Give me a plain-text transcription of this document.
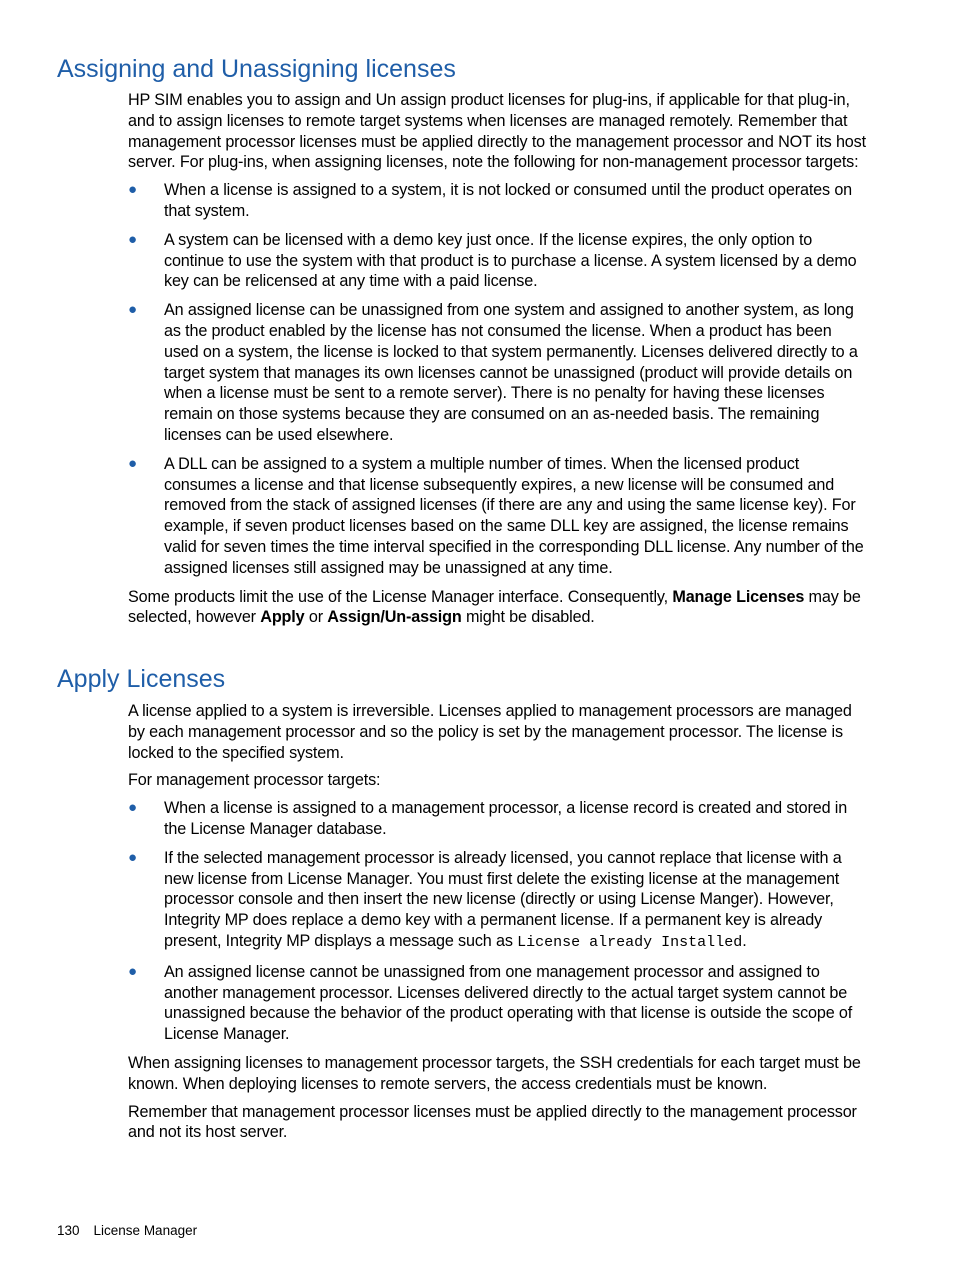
Assigning and Unassigning licenses

HP SIM enables you to assign and Un assign product licenses for plug-ins, if applicable for that plug-in, and to assign licenses to remote target systems when licenses are managed remotely. Remember that management processor licenses must be applied directly to the management processor and NOT its host server. For plug-ins, when assigning licenses, note the following for non-management processor targets:

●	When a license is assigned to a system, it is not locked or consumed until the product operates on that system.
●	A system can be licensed with a demo key just once. If the license expires, the only option to continue to use the system with that product is to purchase a license. A system licensed by a demo key can be relicensed at any time with a paid license.
●	An assigned license can be unassigned from one system and assigned to another system, as long as the product enabled by the license has not consumed the license. When a product has been used on a system, the license is locked to that system permanently. Licenses delivered directly to a target system that manages its own licenses cannot be unassigned (product will provide details on when a license must be sent to a remote server). There is no penalty for having these licenses remain on those systems because they are consumed on an as-needed basis. The remaining licenses can be used elsewhere.
●	A DLL can be assigned to a system a multiple number of times. When the licensed product consumes a license and that license subsequently expires, a new license will be consumed and removed from the stack of assigned licenses (if there are any and using the same license key). For example, if seven product licenses based on the same DLL key are assigned, the license remains valid for seven times the time interval specified in the corresponding DLL license. Any number of the assigned licenses still assigned may be unassigned at any time.

Some products limit the use of the License Manager interface. Consequently, Manage Licenses may be selected, however Apply or Assign/Un-assign might be disabled.

Apply Licenses

A license applied to a system is irreversible. Licenses applied to management processors are managed by each management processor and so the policy is set by the management processor. The license is locked to the specified system.

For management processor targets:

●	When a license is assigned to a management processor, a license record is created and stored in the License Manager database.
●	If the selected management processor is already licensed, you cannot replace that license with a new license from License Manager. You must first delete the existing license at the management processor console and then insert the new license (directly or using License Manger). However, Integrity MP does replace a demo key with a permanent license. If a permanent key is already present, Integrity MP displays a message such as License already Installed.
●	An assigned license cannot be unassigned from one management processor and assigned to another management processor. Licenses delivered directly to the actual target system cannot be unassigned because the behavior of the product operating with that license is outside the scope of License Manager.

When assigning licenses to management processor targets, the SSH credentials for each target must be known. When deploying licenses to remote servers, the access credentials must be known.

Remember that management processor licenses must be applied directly to the management processor and not its host server.

130 License Manager
